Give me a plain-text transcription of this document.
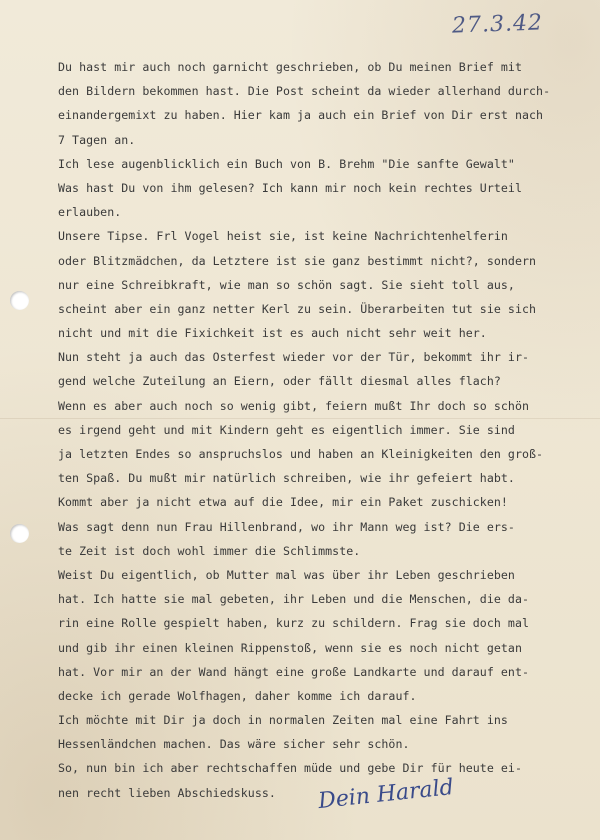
27.3.42
Du hast mir auch noch garnicht geschrieben, ob Du meinen Brief mit
den Bildern bekommen hast. Die Post scheint da wieder allerhand durch-
einandergemixt zu haben. Hier kam ja auch ein Brief von Dir erst nach
7 Tagen an.
Ich lese augenblicklich ein Buch von B. Brehm "Die sanfte Gewalt"
Was hast Du von ihm gelesen? Ich kann mir noch kein rechtes Urteil
erlauben.
Unsere Tipse. Frl Vogel heist sie, ist keine Nachrichtenhelferin
oder Blitzmädchen, da Letztere ist sie ganz bestimmt nicht?, sondern
nur eine Schreibkraft, wie man so schön sagt. Sie sieht toll aus,
scheint aber ein ganz netter Kerl zu sein. Überarbeiten tut sie sich
nicht und mit die Fixichkeit ist es auch nicht sehr weit her.
Nun steht ja auch das Osterfest wieder vor der Tür, bekommt ihr ir-
gend welche Zuteilung an Eiern, oder fällt diesmal alles flach?
Wenn es aber auch noch so wenig gibt, feiern mußt Ihr doch so schön
es irgend geht und mit Kindern geht es eigentlich immer. Sie sind
ja letzten Endes so anspruchslos und haben an Kleinigkeiten den groß-
ten Spaß. Du mußt mir natürlich schreiben, wie ihr gefeiert habt.
Kommt aber ja nicht etwa auf die Idee, mir ein Paket zuschicken!
Was sagt denn nun Frau Hillenbrand, wo ihr Mann weg ist? Die ers-
te Zeit ist doch wohl immer die Schlimmste.
Weist Du eigentlich, ob Mutter mal was über ihr Leben geschrieben
hat. Ich hatte sie mal gebeten, ihr Leben und die Menschen, die da-
rin eine Rolle gespielt haben, kurz zu schildern. Frag sie doch mal
und gib ihr einen kleinen Rippenstoß, wenn sie es noch nicht getan
hat. Vor mir an der Wand hängt eine große Landkarte und darauf ent-
decke ich gerade Wolfhagen, daher komme ich darauf.
Ich möchte mit Dir ja doch in normalen Zeiten mal eine Fahrt ins
Hessenländchen machen. Das wäre sicher sehr schön.
So, nun bin ich aber rechtschaffen müde und gebe Dir für heute ei-
nen recht lieben Abschiedskuss.	Dein Harald
